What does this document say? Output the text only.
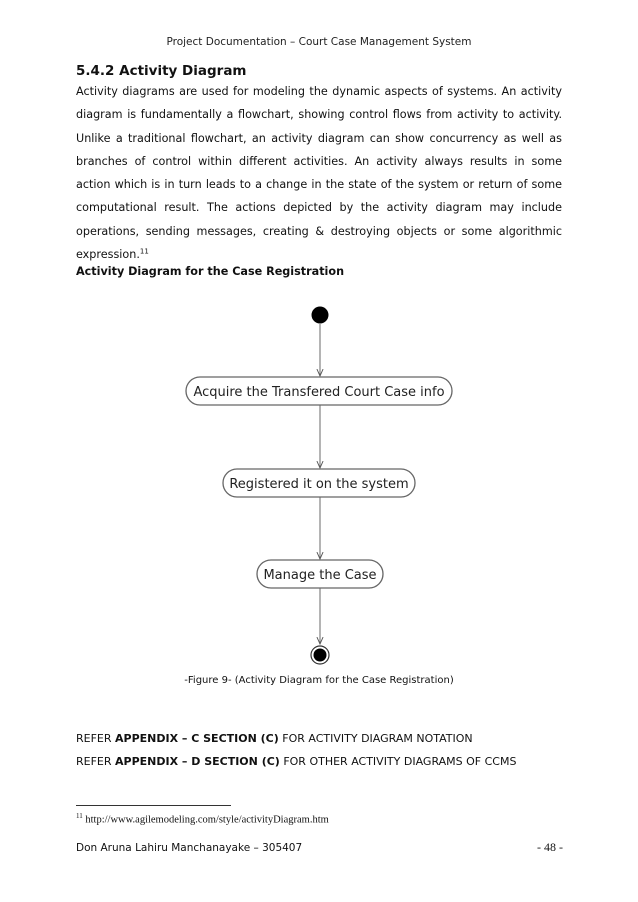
Project Documentation – Court Case Management System
5.4.2 Activity Diagram

Activity diagrams are used for modeling the dynamic aspects of systems. An activity diagram is fundamentally a flowchart, showing control flows from activity to activity. Unlike a traditional flowchart, an activity diagram can show concurrency as well as branches of control within different activities. An activity always results in some action which is in turn leads to a change in the state of the system or return of some computational result. The actions depicted by the activity diagram may include operations, sending messages, creating & destroying objects or some algorithmic expression.$^{11}$

Activity Diagram for the Case Registration
Acquire the Transfered Court Case info
Registered it on the system
Manage the Case
-Figure 9- (Activity Diagram for the Case Registration)
REFER APPENDIX – C SECTION (C) FOR ACTIVITY DIAGRAM NOTATION
REFER APPENDIX – D SECTION (C) FOR OTHER ACTIVITY DIAGRAMS OF CCMS
$^{11}$ http://www.agilemodeling.com/style/activityDiagram.htm
Don Aruna Lahiru Manchanayake – 305407	- 48 -
